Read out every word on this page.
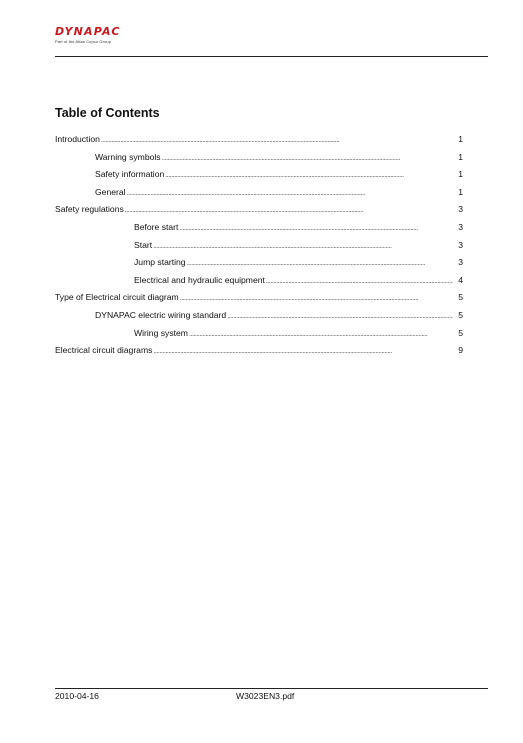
DYNAPAC
Part of the Atlas Copco Group
Table of Contents
Introduction . . .	1
Warning symbols . . .	1
Safety information . . .	1
General . . .	1
Safety regulations . . .	3
Before start . . .	3
Start . . .	3
Jump starting . . .	3
Electrical and hydraulic equipment . . .	4
Type of Electrical circuit diagram . . .	5
DYNAPAC electric wiring standard . . .	5
Wiring system . . .	5
Electrical circuit diagrams . . .	9
2010-04-16	W3023EN3.pdf
